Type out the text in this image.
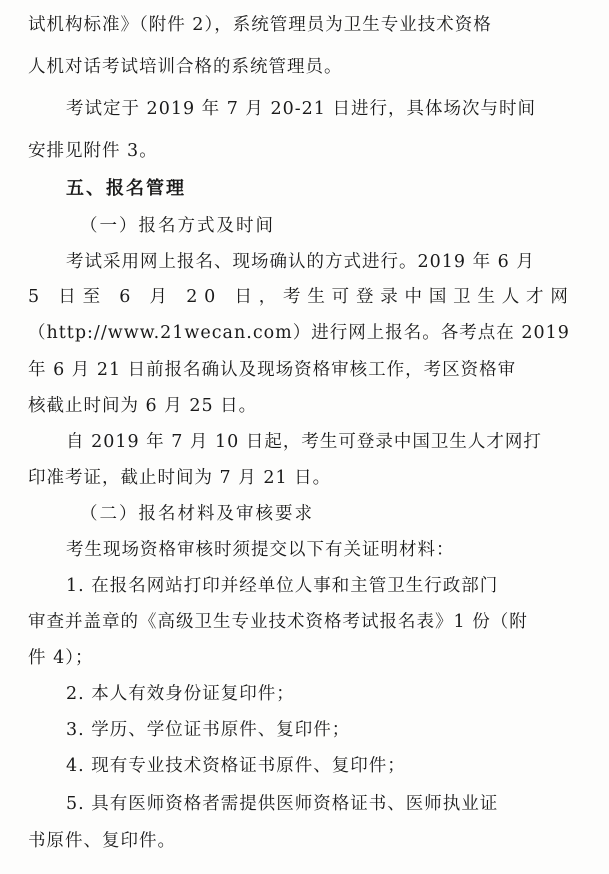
试机构标准》（附件 2），系统管理员为卫生专业技术资格
人机对话考试培训合格的系统管理员。
考试定于 2019 年 7 月 20-21 日进行，具体场次与时间
安排见附件 3。
五、报名管理
（一）报名方式及时间
考试采用网上报名、现场确认的方式进行。2019 年 6 月
5 日至 6 月 20 日，考生可登录中国卫生人才网
（http://www.21wecan.com）进行网上报名。各考点在 2019
年 6 月 21 日前报名确认及现场资格审核工作，考区资格审
核截止时间为 6 月 25 日。
自 2019 年 7 月 10 日起，考生可登录中国卫生人才网打
印准考证，截止时间为 7 月 21 日。
（二）报名材料及审核要求
考生现场资格审核时须提交以下有关证明材料：
1. 在报名网站打印并经单位人事和主管卫生行政部门
审查并盖章的《高级卫生专业技术资格考试报名表》1 份（附
件 4）；
2. 本人有效身份证复印件；
3. 学历、学位证书原件、复印件；
4. 现有专业技术资格证书原件、复印件；
5. 具有医师资格者需提供医师资格证书、医师执业证
书原件、复印件。
